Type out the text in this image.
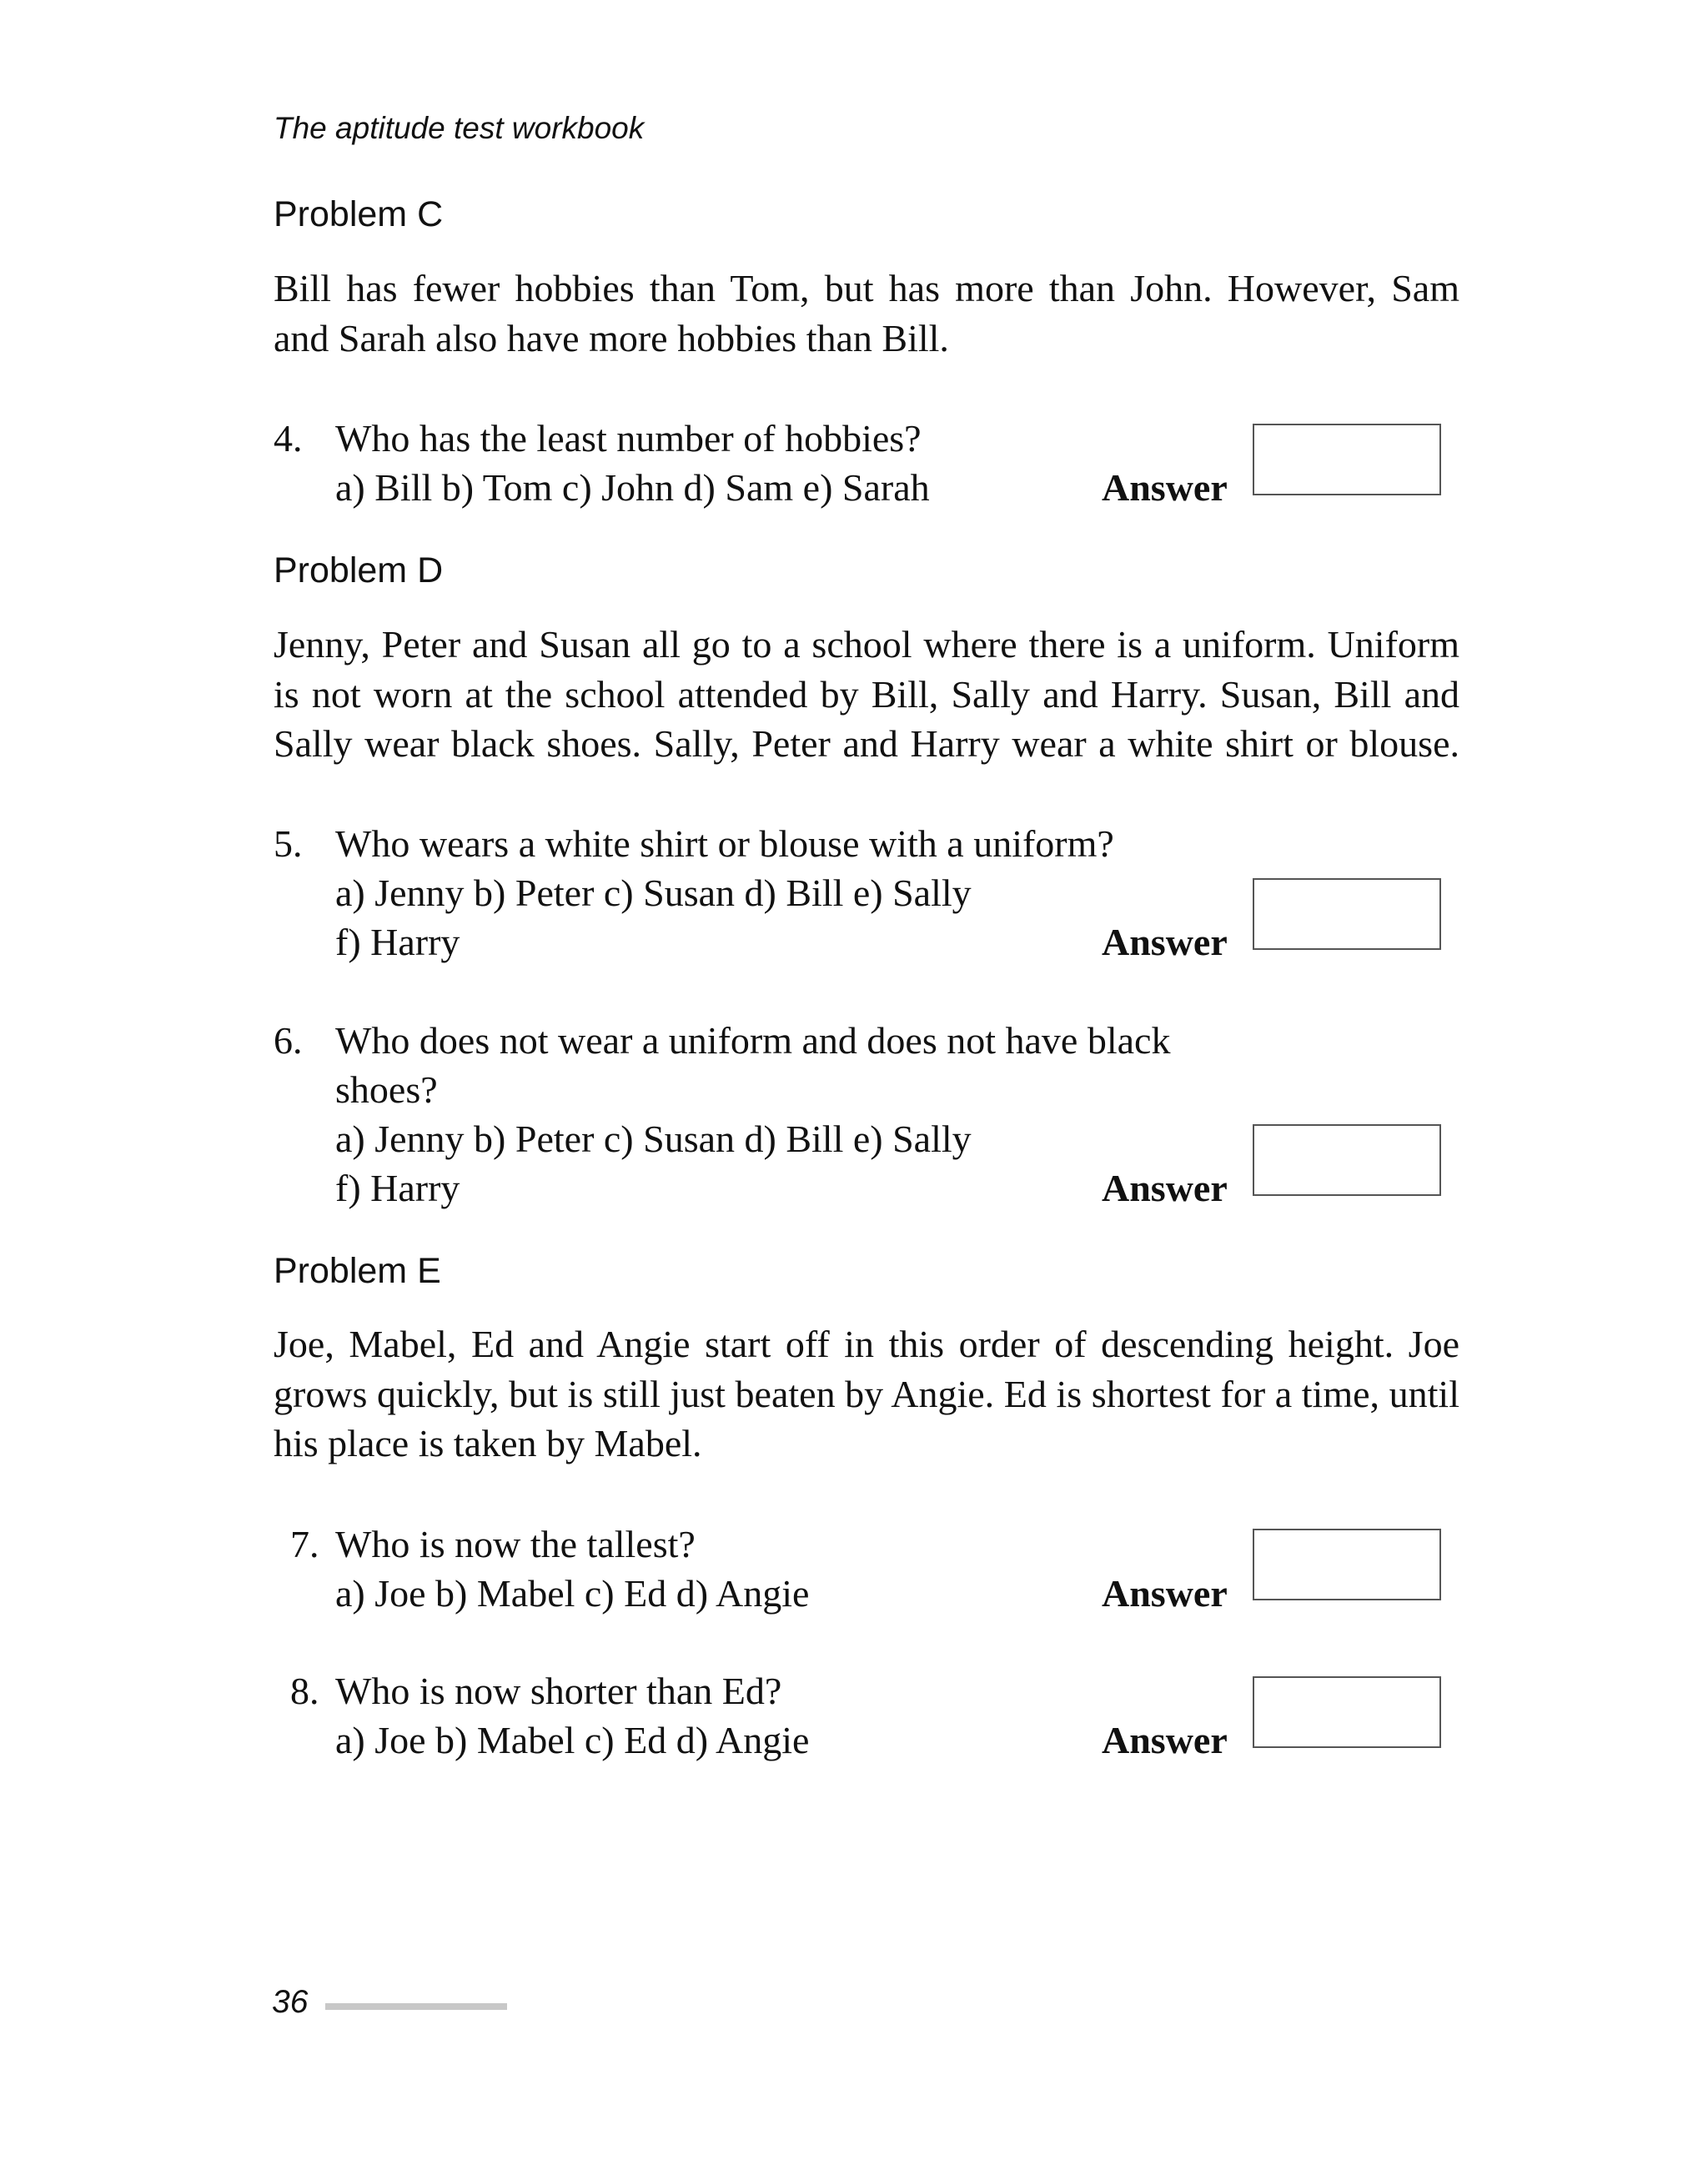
The aptitude test workbook

Problem C

Bill has fewer hobbies than Tom, but has more than John. However, Sam
and Sarah also have more hobbies than Bill.

4. Who has the least number of hobbies?

a) Bill b) Tom c) John d) Sam e) Sarah	Answer

Problem D

Jenny, Peter and Susan all go to a school where there is a uniform. Uniform
is not worn at the school attended by Bill, Sally and Harry. Susan, Bill and
Sally wear black shoes. Sally, Peter and Harry wear a white shirt or blouse.

5. Who wears a white shirt or blouse with a uniform?

a) Jenny b) Peter c) Susan d) Bill e) Sally

f) Harry	Answer

6. Who does not wear a uniform and does not have black

shoes?

a) Jenny b) Peter c) Susan d) Bill e) Sally

f) Harry	Answer

Problem E

Joe, Mabel, Ed and Angie start off in this order of descending height. Joe
grows quickly, but is still just beaten by Angie. Ed is shortest for a time, until
his place is taken by Mabel.

7. Who is now the tallest?

a) Joe b) Mabel c) Ed d) Angie	Answer

8. Who is now shorter than Ed?

a) Joe b) Mabel c) Ed d) Angie	Answer

36
